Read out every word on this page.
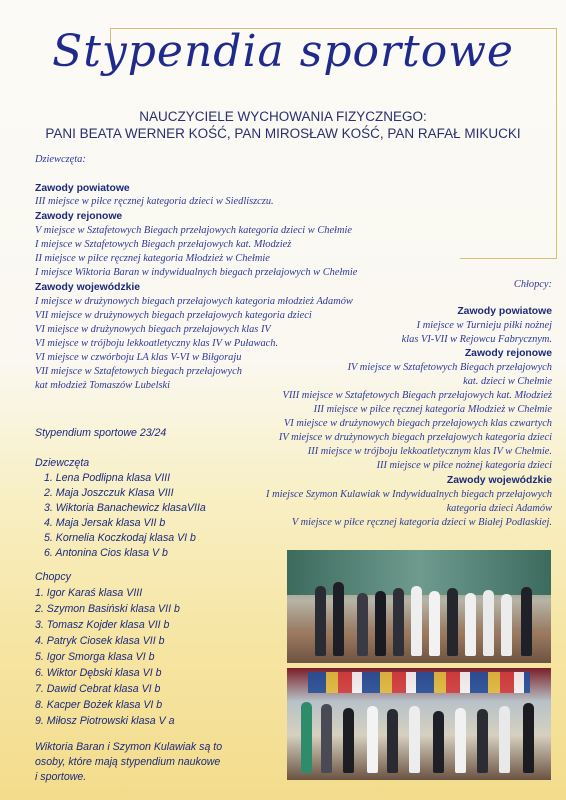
Stypendia sportowe
NAUCZYCIELE WYCHOWANIA FIZYCZNEGO:
PANI BEATA WERNER KOŚĆ, PAN MIROSŁAW KOŚĆ, PAN RAFAŁ MIKUCKI
Dziewczęta:
Zawody powiatowe
III miejsce w piłce ręcznej kategoria dzieci w Siedliszczu.
Zawody rejonowe
V miejsce w Sztafetowych Biegach przełajowych kategoria dzieci w Chełmie
I miejsce w Sztafetowych Biegach przełajowych kat. Młodzież
II miejsce w piłce ręcznej kategoria Młodzież w Chełmie
I miejsce Wiktoria Baran w indywidualnych biegach przełajowych w Chełmie
Zawody wojewódzkie
I miejsce w drużynowych biegach przełajowych kategoria młodzież Adamów
VII miejsce w drużynowych biegach przełajowych kategoria dzieci
VI miejsce w drużynowych biegach przełajowych klas IV
VI miejsce w trójboju lekkoatletyczny klas IV w Puławach.
VI miejsce w czwórboju LA klas V-VI w Biłgoraju
VII miejsce w Sztafetowych biegach przełajowych
kat młodzież Tomaszów Lubelski
Chłopcy:
Zawody powiatowe
I miejsce w Turnieju piłki nożnej
klas VI-VII w Rejowcu Fabrycznym.
Zawody rejonowe
IV miejsce w Sztafetowych Biegach przełajowych
kat. dzieci w Chełmie
VIII miejsce w Sztafetowych Biegach przełajowych kat. Młodzież
III miejsce w piłce ręcznej kategoria Młodzież w Chełmie
VI miejsce w drużynowych biegach przełajowych klas czwartych
IV miejsce w drużynowych biegach przełajowych kategoria dzieci
III miejsce w trójboju lekkoatletycznym klas IV w Chełmie.
III miejsce w piłce nożnej kategoria dzieci
Zawody wojewódzkie
I miejsce Szymon Kulawiak w Indywidualnych biegach przełajowych
kategoria dzieci Adamów
V miejsce w piłce ręcznej kategoria dzieci w Białej Podlaskiej.
Stypendium sportowe 23/24
Dziewczęta
1. Lena Podlipna klasa VIII
2. Maja Joszczuk Klasa VIII
3. Wiktoria Banachewicz klasaVIIa
4. Maja Jersak klasa VII b
5. Kornelia Koczkodaj klasa VI b
6. Antonina Cios klasa V b
Chopcy
1. Igor Karaś klasa VIII
2. Szymon Basiński klasa VII b
3. Tomasz Kojder klasa VII b
4. Patryk Ciosek klasa VII b
5. Igor Smorga klasa VI b
6. Wiktor Dębski klasa VI b
7. Dawid Cebrat klasa VI b
8. Kacper Bożek klasa VI b
9. Miłosz Piotrowski klasa V a
Wiktoria Baran i Szymon Kulawiak są to
osoby, które mają stypendium naukowe
i sportowe.
